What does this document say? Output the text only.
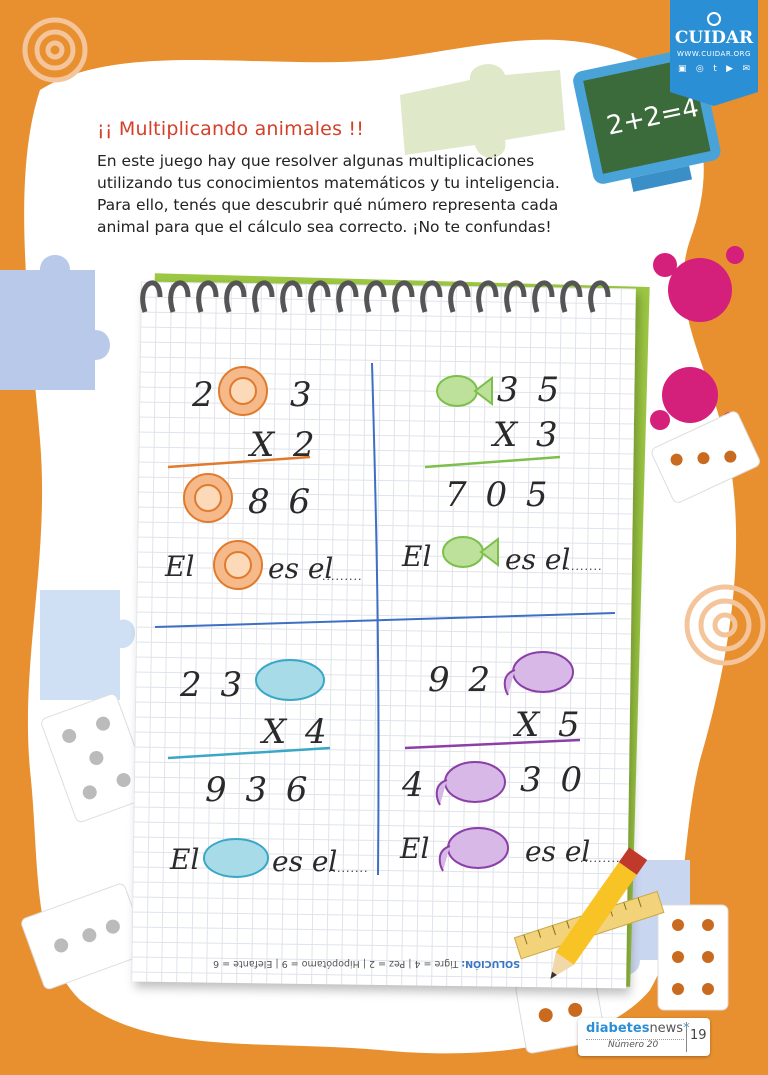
2+2=4
CUIDAR
WWW.CUIDAR.ORG
▣ ◎ t ▶ ✉
¡¡ Multiplicando animales !!
En este juego hay que resolver algunas multiplicaciones utilizando tus conocimientos matemáticos y tu inteligencia. Para ello, tenés que descubrir qué número representa cada animal para que el cálculo sea correcto. ¡No te confundas!
2 3
X 2
8 6
El	es el
.........
3 5
X 3
7 0 5
El	es el
.........
2 3
X 4
9 3 6
El	es el
.........
9 2
X 5
4	3 0
El	es el
.........
SOLUCIÓN: Tigre = 4 | Pez = 2 | Hipopótamo = 9 | Elefante = 6
diabetesnews*
Número 20
19
